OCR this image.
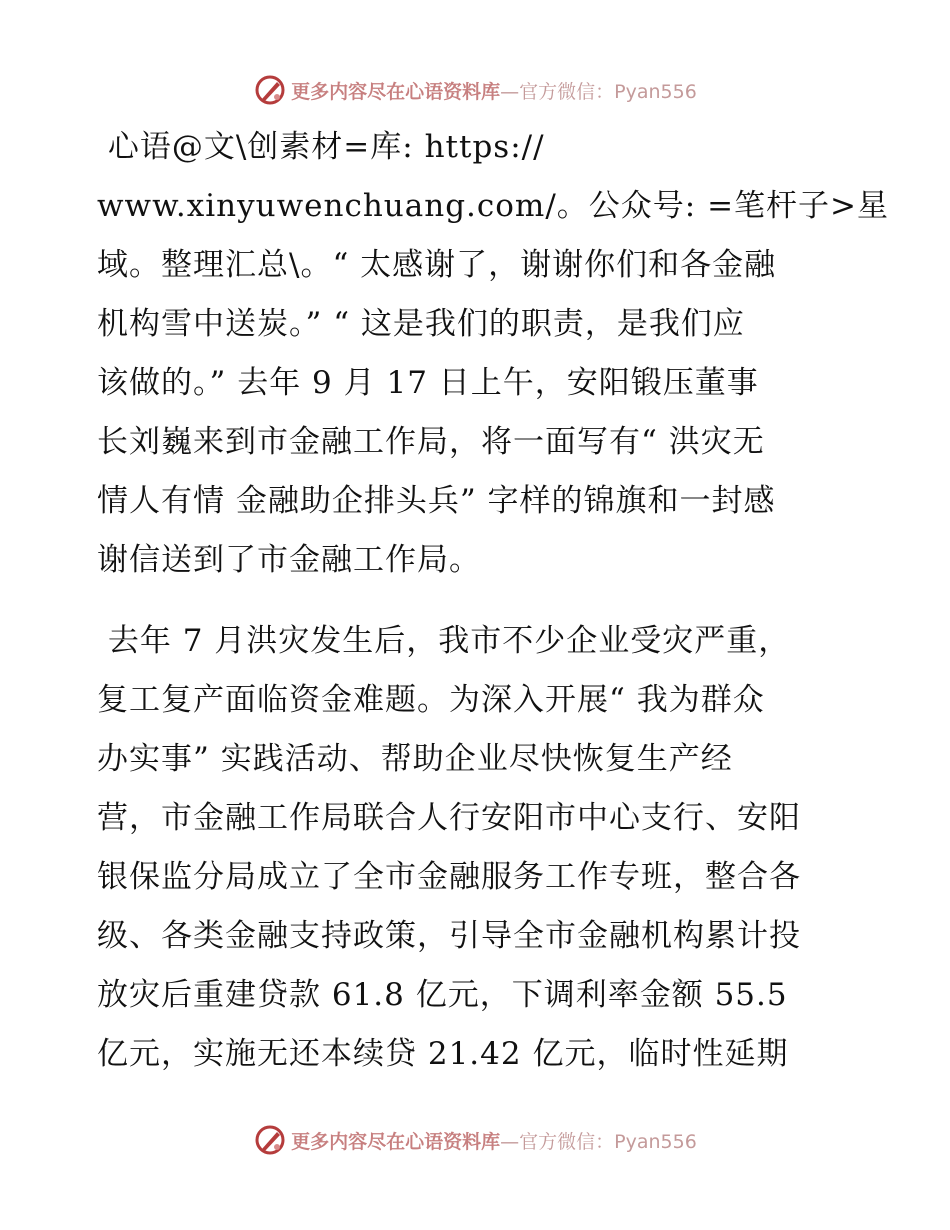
更多内容尽在心语资料库 —官方微信：Pyan556
心语@文\创素材=库: https://
www.xinyuwenchuang.com/。公众号: =笔杆子>星
域。整理汇总\。“ 太感谢了，谢谢你们和各金融
机构雪中送炭。” “ 这是我们的职责，是我们应
该做的。” 去年 9 月 17 日上午，安阳锻压董事
长刘巍来到市金融工作局，将一面写有“ 洪灾无
情人有情 金融助企排头兵” 字样的锦旗和一封感
谢信送到了市金融工作局。
去年 7 月洪灾发生后，我市不少企业受灾严重，
复工复产面临资金难题。为深入开展“ 我为群众
办实事” 实践活动、帮助企业尽快恢复生产经
营，市金融工作局联合人行安阳市中心支行、安阳
银保监分局成立了全市金融服务工作专班，整合各
级、各类金融支持政策，引导全市金融机构累计投
放灾后重建贷款 61.8 亿元，下调利率金额 55.5
亿元，实施无还本续贷 21.42 亿元，临时性延期
更多内容尽在心语资料库 —官方微信：Pyan556
